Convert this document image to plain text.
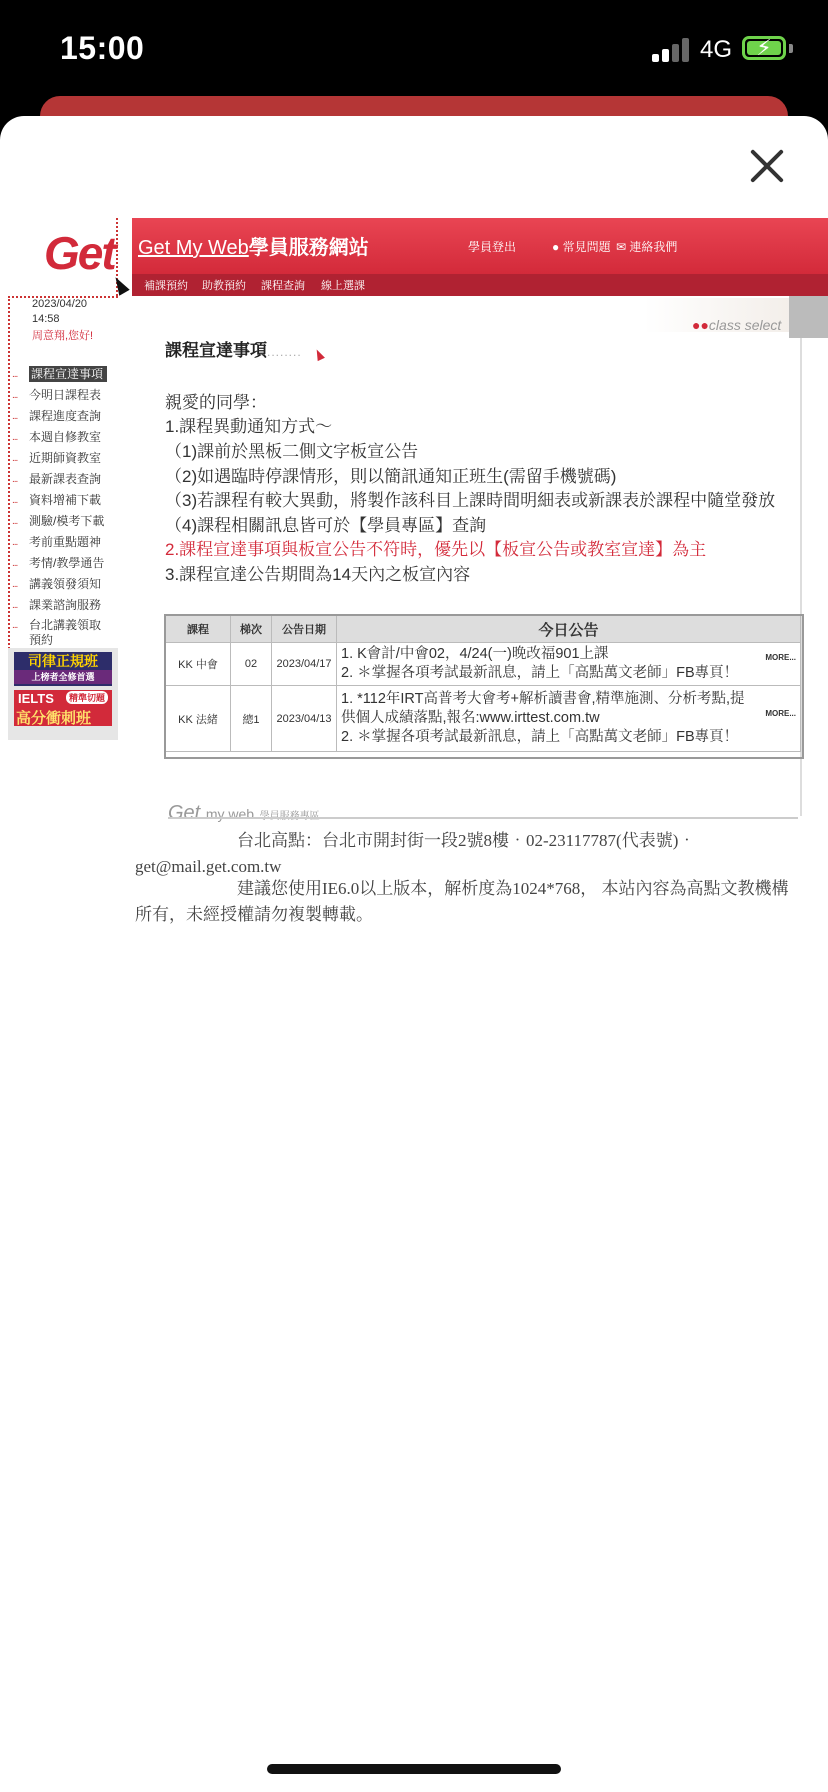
15:00	4G	⚡
Get
2023/04/20
14:58
周意翔,您好!
... 課程宣達事項
... 今明日課程表
... 課程進度查詢
... 本週自修教室
... 近期師資教室
... 最新課表查詢
... 資料增補下載
... 測驗/模考下載
... 考前重點題神
... 考情/教學通告
... 講義領發須知
... 課業諮詢服務
... 台北講義領取預約
司律正規班
上榜者全修首選
IELTS	精準切題
高分衝刺班
Get My Web學員服務網站	學員登出	● 常見問題 ✉ 連絡我們
補課預約 助教預約 課程查詢 線上選課
●●class select
課程宣達事項........
親愛的同學：
1.課程異動通知方式～
（1)課前於黑板二側文字板宣公告
（2)如遇臨時停課情形，則以簡訊通知正班生(需留手機號碼)
（3)若課程有較大異動，將製作該科目上課時間明細表或新課表於課程中隨堂發放
（4)課程相關訊息皆可於【學員專區】查詢
2.課程宣達事項與板宣公告不符時，優先以【板宣公告或教室宣達】為主
3.課程宣達公告期間為14天內之板宣內容
課程	梯次	公告日期	今日公告
KK 中會	02	2023/04/17	1. K會計/中會02，4/24(一)晚改福901上課
2. ＊掌握各項考試最新訊息，請上「高點萬文老師」FB專頁！
MORE...

KK 法緒	總1	2023/04/13	1. *112年IRT高普考大會考+解析讀書會,精準施測、分析考點,提供個人成績落點,報名:www.irttest.com.tw
2. ＊掌握各項考試最新訊息，請上「高點萬文老師」FB專頁！
MORE...
Get my web 學員服務專區
台北高點：台北市開封街一段2號8樓‧02-23117787(代表號)‧
get@mail.get.com.tw
建議您使用IE6.0以上版本，解析度為1024*768， 本站內容為高點文教機構所有，未經授權請勿複製轉載。
